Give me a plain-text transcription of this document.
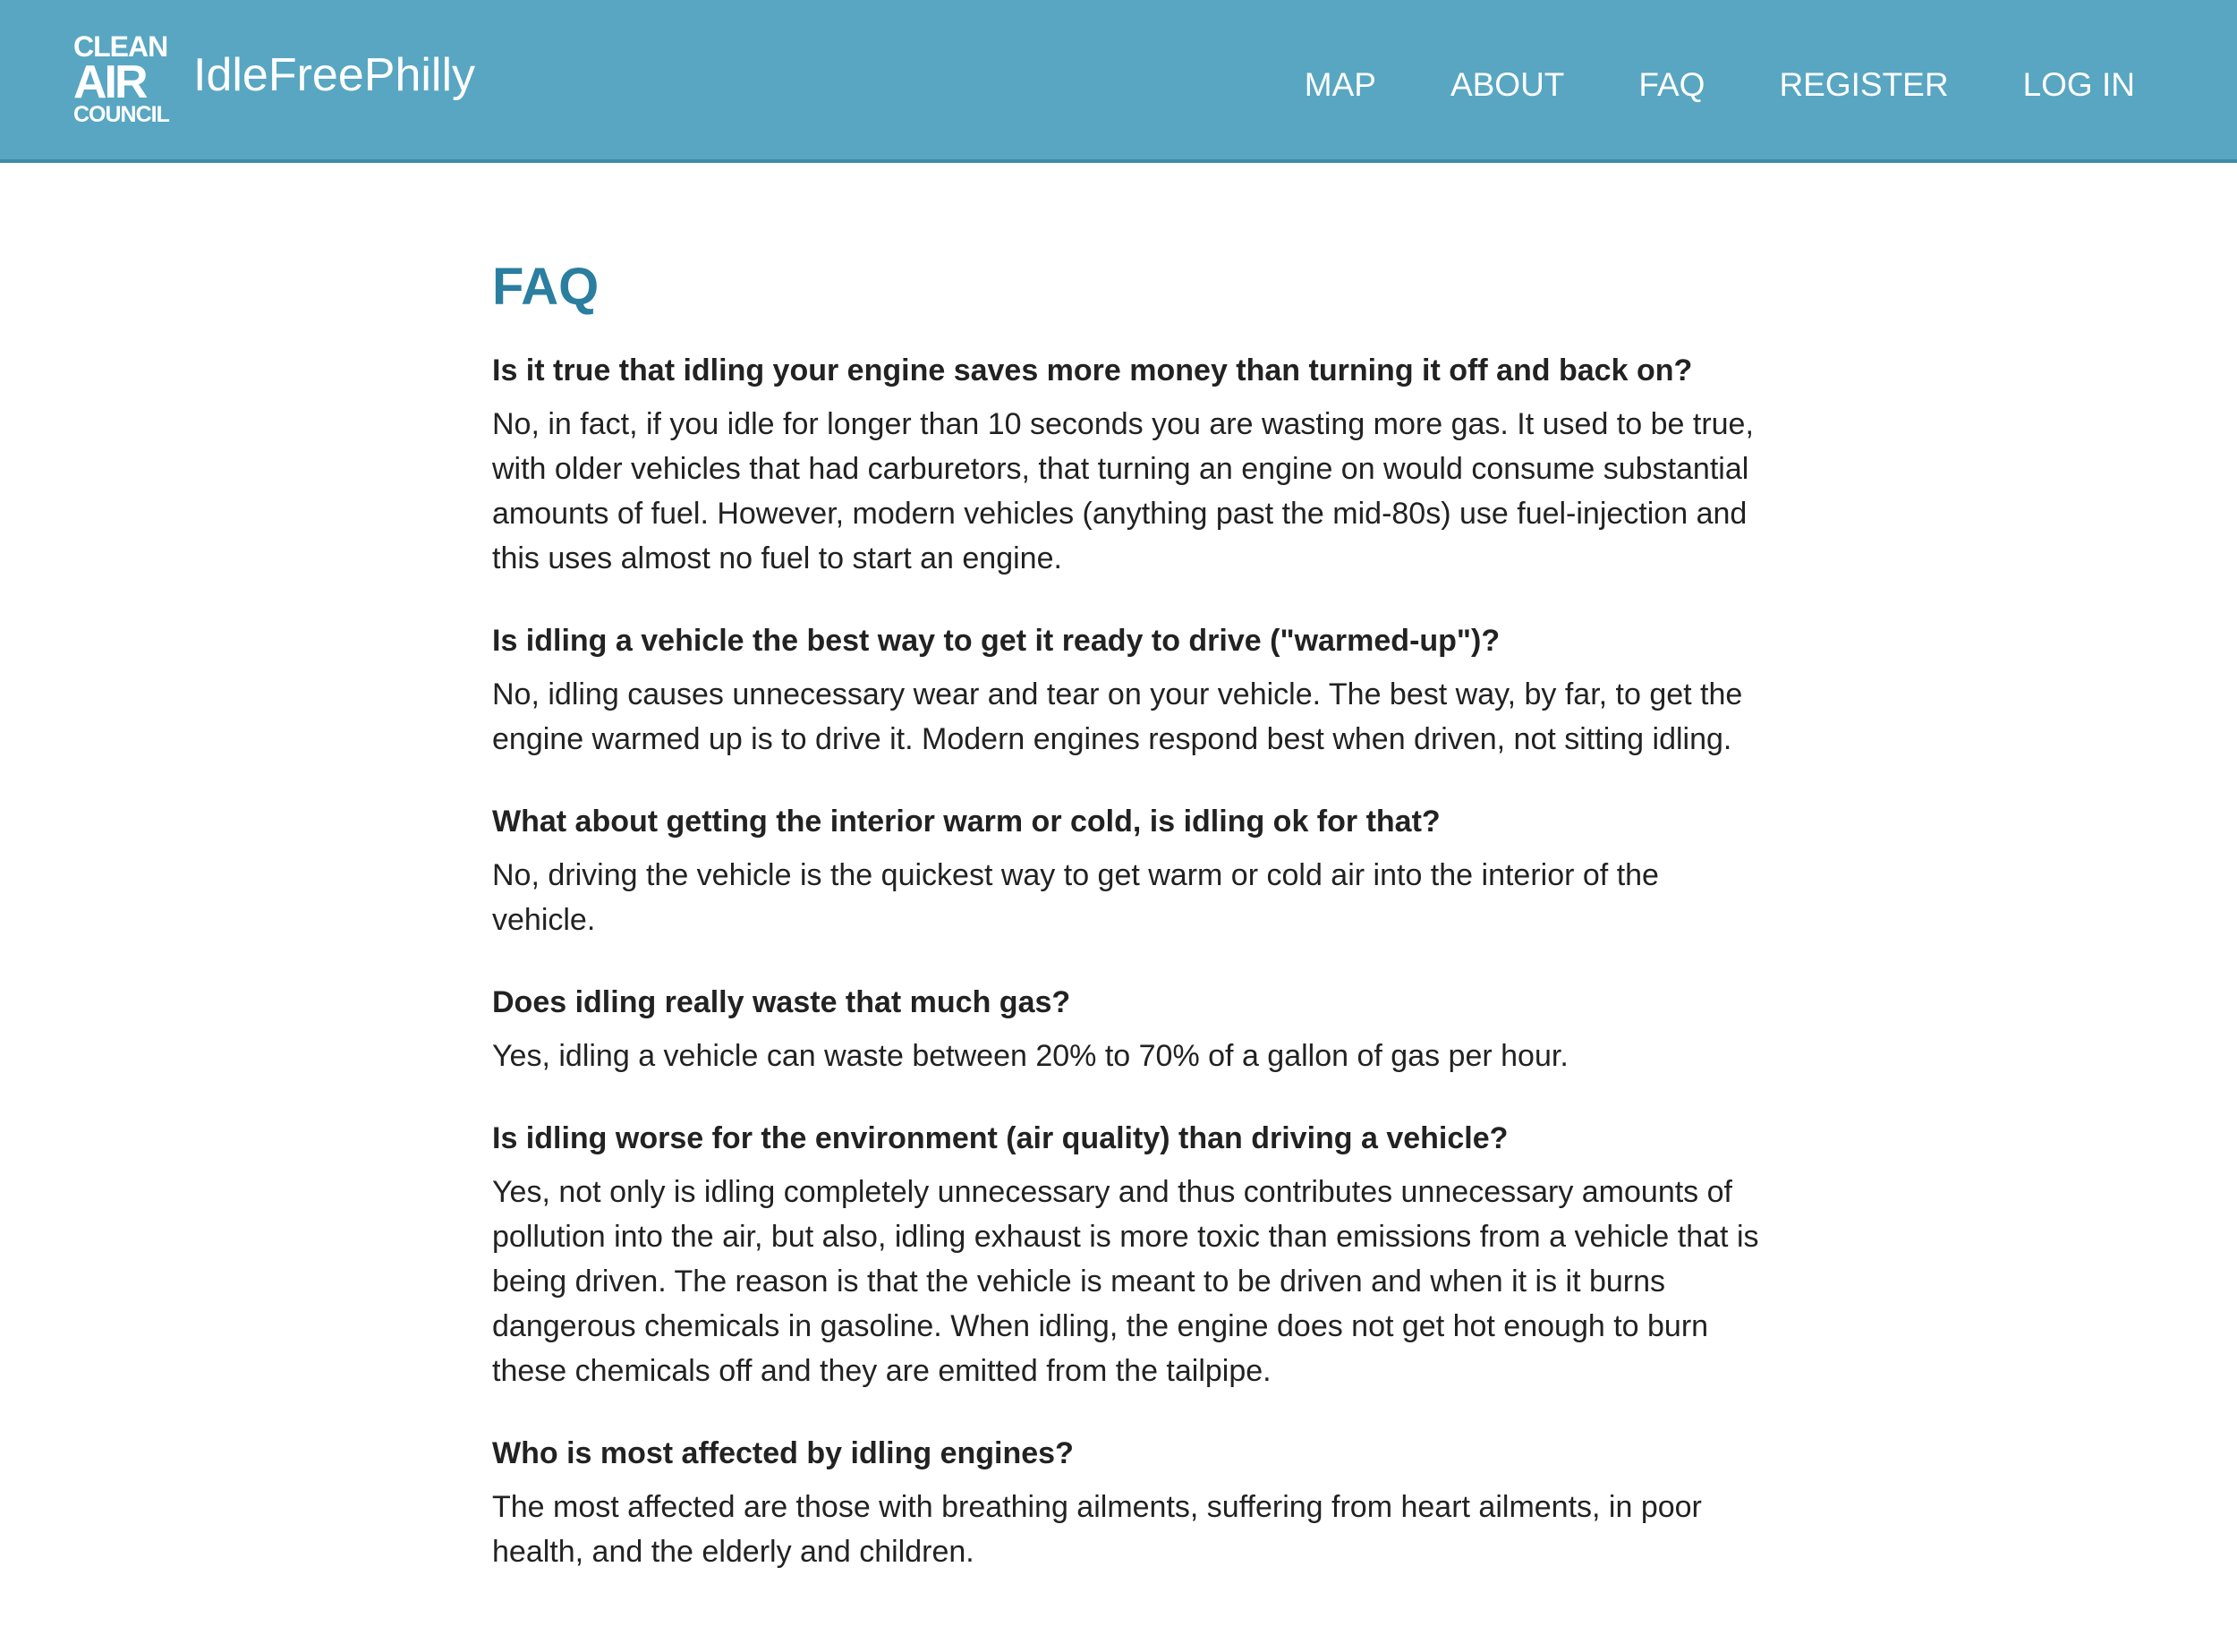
CLEAN
AIR
COUNCIL
IdleFreePhilly	MAP ABOUT FAQ REGISTER LOG IN
FAQ

Is it true that idling your engine saves more money than turning it off and back on?

No, in fact, if you idle for longer than 10 seconds you are wasting more gas. It used to be true, with older vehicles that had carburetors, that turning an engine on would consume substantial amounts of fuel. However, modern vehicles (anything past the mid-80s) use fuel-injection and this uses almost no fuel to start an engine.

Is idling a vehicle the best way to get it ready to drive ("warmed-up")?

No, idling causes unnecessary wear and tear on your vehicle. The best way, by far, to get the engine warmed up is to drive it. Modern engines respond best when driven, not sitting idling.

What about getting the interior warm or cold, is idling ok for that?

No, driving the vehicle is the quickest way to get warm or cold air into the interior of the vehicle.

Does idling really waste that much gas?

Yes, idling a vehicle can waste between 20% to 70% of a gallon of gas per hour.

Is idling worse for the environment (air quality) than driving a vehicle?

Yes, not only is idling completely unnecessary and thus contributes unnecessary amounts of pollution into the air, but also, idling exhaust is more toxic than emissions from a vehicle that is being driven. The reason is that the vehicle is meant to be driven and when it is it burns dangerous chemicals in gasoline. When idling, the engine does not get hot enough to burn these chemicals off and they are emitted from the tailpipe.

Who is most affected by idling engines?

The most affected are those with breathing ailments, suffering from heart ailments, in poor health, and the elderly and children.
